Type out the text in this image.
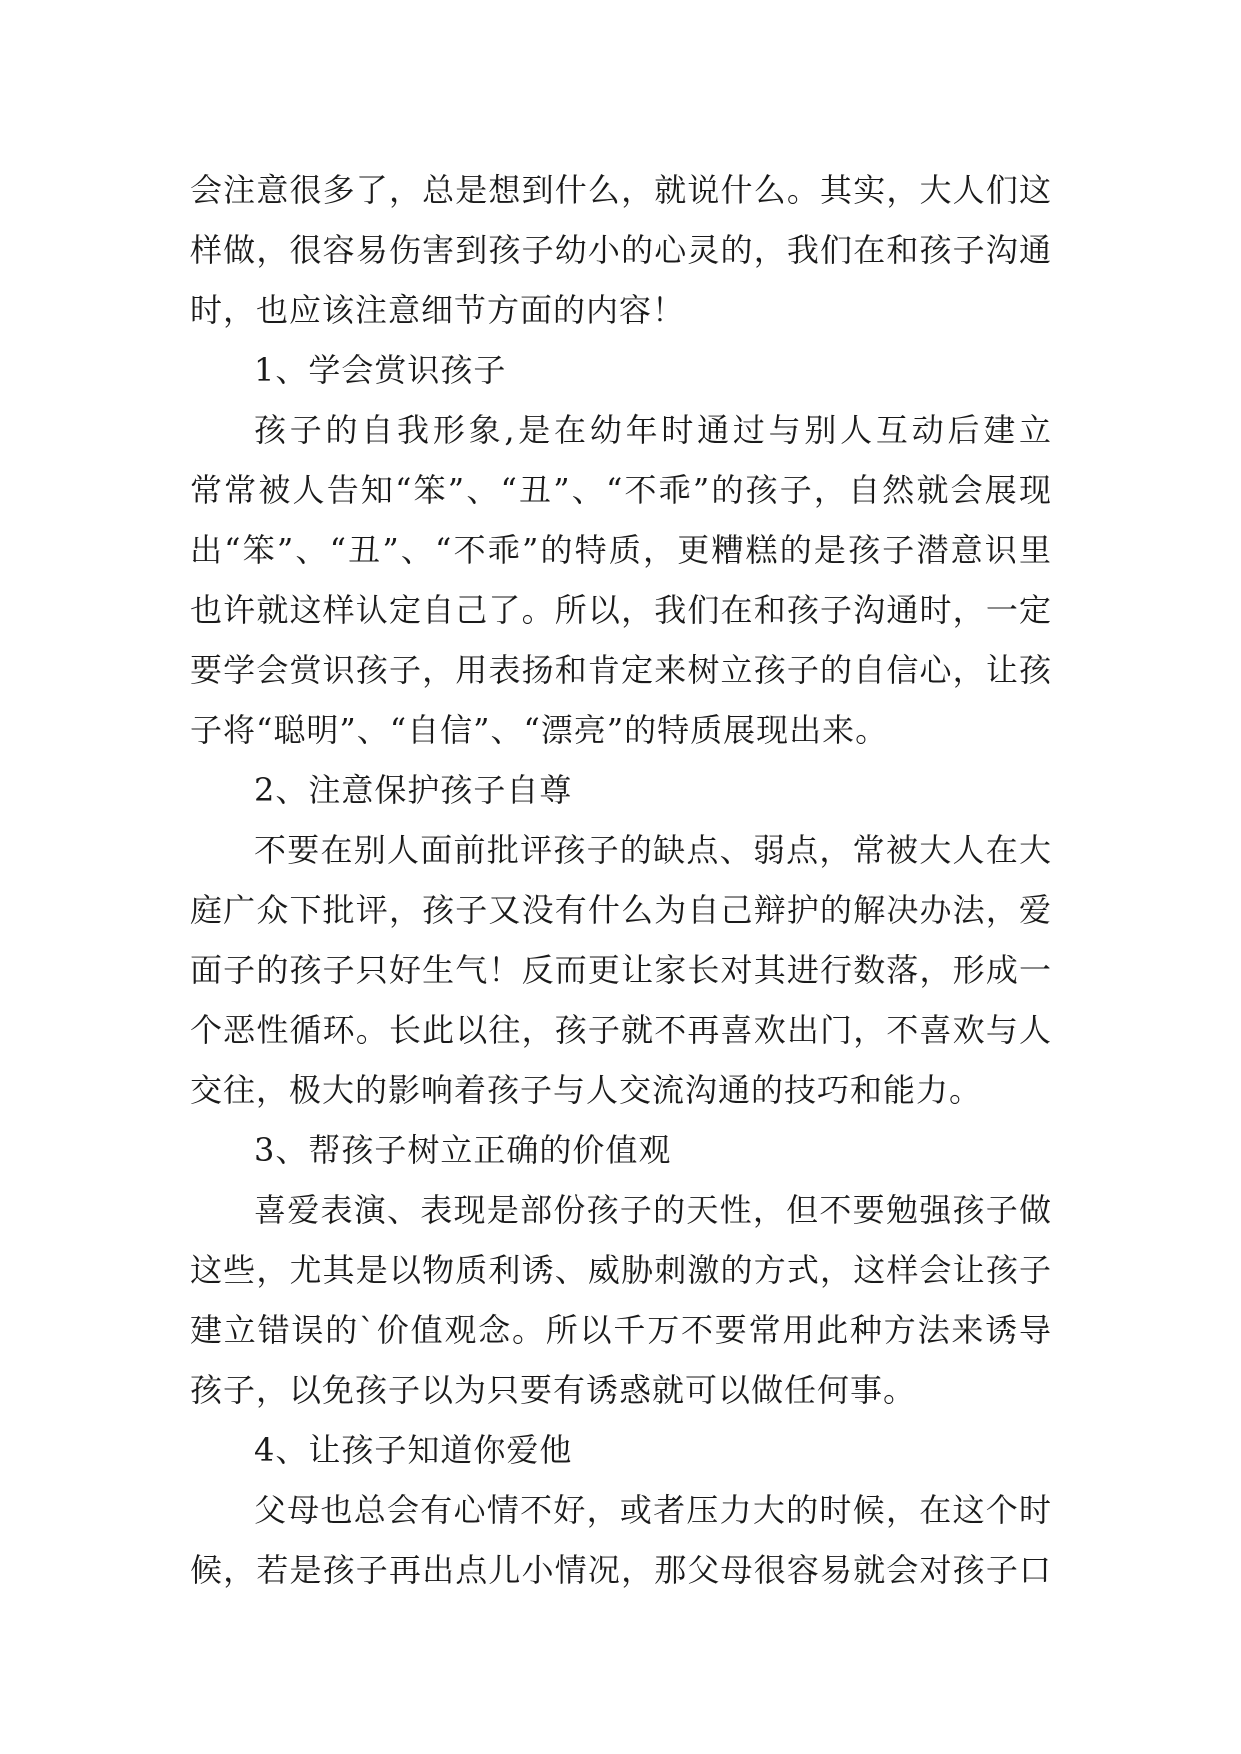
会注意很多了，总是想到什么，就说什么。其实，大人们这
样做，很容易伤害到孩子幼小的心灵的，我们在和孩子沟通
时，也应该注意细节方面的内容！
1、学会赏识孩子
孩子的自我形象,是在幼年时通过与别人互动后建立
常常被人告知“笨”、“丑”、“不乖”的孩子，自然就会展现
出“笨”、“丑”、“不乖”的特质，更糟糕的是孩子潜意识里
也许就这样认定自己了。所以，我们在和孩子沟通时，一定
要学会赏识孩子，用表扬和肯定来树立孩子的自信心，让孩
子将“聪明”、“自信”、“漂亮”的特质展现出来。
2、注意保护孩子自尊
不要在别人面前批评孩子的缺点、弱点，常被大人在大
庭广众下批评，孩子又没有什么为自己辩护的解决办法，爱
面子的孩子只好生气！反而更让家长对其进行数落，形成一
个恶性循环。长此以往，孩子就不再喜欢出门，不喜欢与人
交往，极大的影响着孩子与人交流沟通的技巧和能力。
3、帮孩子树立正确的价值观
喜爱表演、表现是部份孩子的天性，但不要勉强孩子做
这些，尤其是以物质利诱、威胁刺激的方式，这样会让孩子
建立错误的`价值观念。所以千万不要常用此种方法来诱导
孩子，以免孩子以为只要有诱惑就可以做任何事。
4、让孩子知道你爱他
父母也总会有心情不好，或者压力大的时候，在这个时
候，若是孩子再出点儿小情况，那父母很容易就会对孩子口
